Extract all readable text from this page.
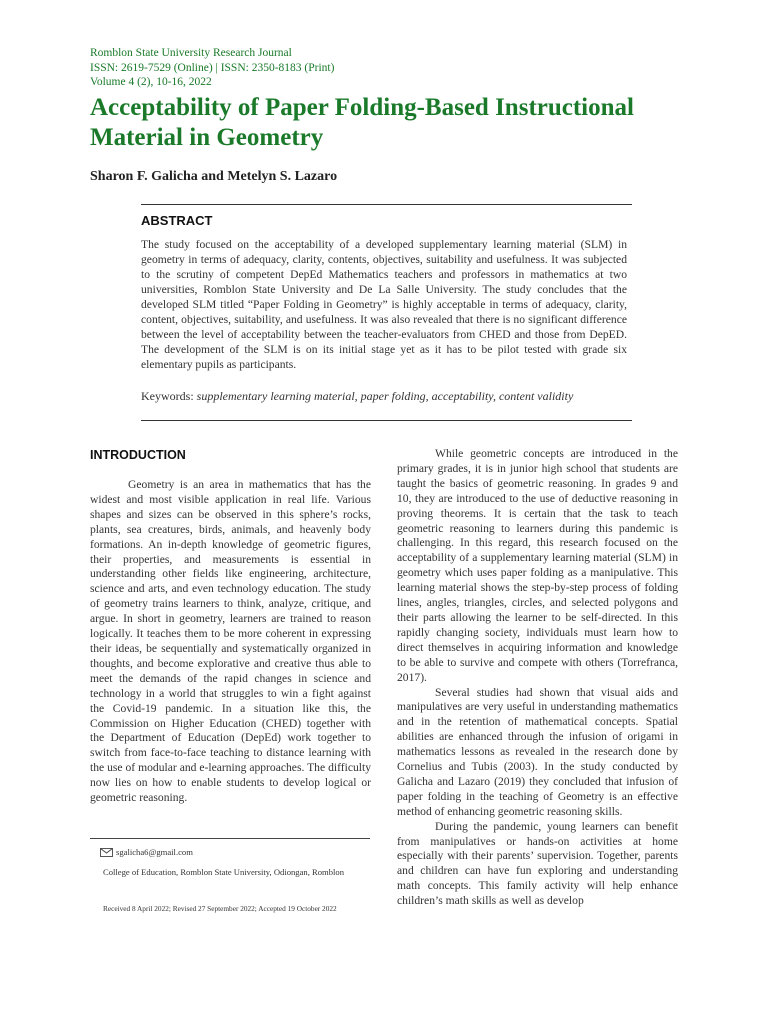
Romblon State University Research Journal
ISSN: 2619-7529 (Online) | ISSN: 2350-8183 (Print)
Volume 4 (2), 10-16, 2022
Acceptability of Paper Folding-Based Instructional
Material in Geometry

Sharon F. Galicha and Metelyn S. Lazaro

ABSTRACT

The study focused on the acceptability of a developed supplementary learning material (SLM) in geometry in terms of adequacy, clarity, contents, objectives, suitability and usefulness. It was subjected to the scrutiny of competent DepEd Mathematics teachers and professors in mathematics at two universities, Romblon State University and De La Salle University. The study concludes that the developed SLM titled “Paper Folding in Geometry” is highly acceptable in terms of adequacy, clarity, content, objectives, suitability, and usefulness. It was also revealed that there is no significant difference between the level of acceptability between the teacher-evaluators from CHED and those from DepED. The development of the SLM is on its initial stage yet as it has to be pilot tested with grade six elementary pupils as participants.

Keywords: supplementary learning material, paper folding, acceptability, content validity

INTRODUCTION

Geometry is an area in mathematics that has the widest and most visible application in real life. Various shapes and sizes can be observed in this sphere’s rocks, plants, sea creatures, birds, animals, and heavenly body formations. An in-depth knowledge of geometric figures, their properties, and measurements is essential in understanding other fields like engineering, architecture, science and arts, and even technology education. The study of geometry trains learners to think, analyze, critique, and argue. In short in geometry, learners are trained to reason logically. It teaches them to be more coherent in expressing their ideas, be sequentially and systematically organized in thoughts, and become explorative and creative thus able to meet the demands of the rapid changes in science and technology in a world that struggles to win a fight against the Covid-19 pandemic. In a situation like this, the Commission on Higher Education (CHED) together with the Department of Education (DepEd) work together to switch from face-to-face teaching to distance learning with the use of modular and e-learning approaches. The difficulty now lies on how to enable students to develop logical or geometric reasoning.

While geometric concepts are introduced in the primary grades, it is in junior high school that students are taught the basics of geometric reasoning. In grades 9 and 10, they are introduced to the use of deductive reasoning in proving theorems. It is certain that the task to teach geometric reasoning to learners during this pandemic is challenging. In this regard, this research focused on the acceptability of a supplementary learning material (SLM) in geometry which uses paper folding as a manipulative. This learning material shows the step-by-step process of folding lines, angles, triangles, circles, and selected polygons and their parts allowing the learner to be self-directed. In this rapidly changing society, individuals must learn how to direct themselves in acquiring information and knowledge to be able to survive and compete with others (Torrefranca, 2017).

Several studies had shown that visual aids and manipulatives are very useful in understanding mathematics and in the retention of mathematical concepts. Spatial abilities are enhanced through the infusion of origami in mathematics lessons as revealed in the research done by Cornelius and Tubis (2003). In the study conducted by Galicha and Lazaro (2019) they concluded that infusion of paper folding in the teaching of Geometry is an effective method of enhancing geometric reasoning skills.

During the pandemic, young learners can benefit from manipulatives or hands-on activities at home especially with their parents’ supervision. Together, parents and children can have fun exploring and understanding math concepts. This family activity will help enhance children’s math skills as well as develop

sgalicha6@gmail.com
College of Education, Romblon State University, Odiongan, Romblon
Received 8 April 2022; Revised 27 September 2022; Accepted 19 October 2022
